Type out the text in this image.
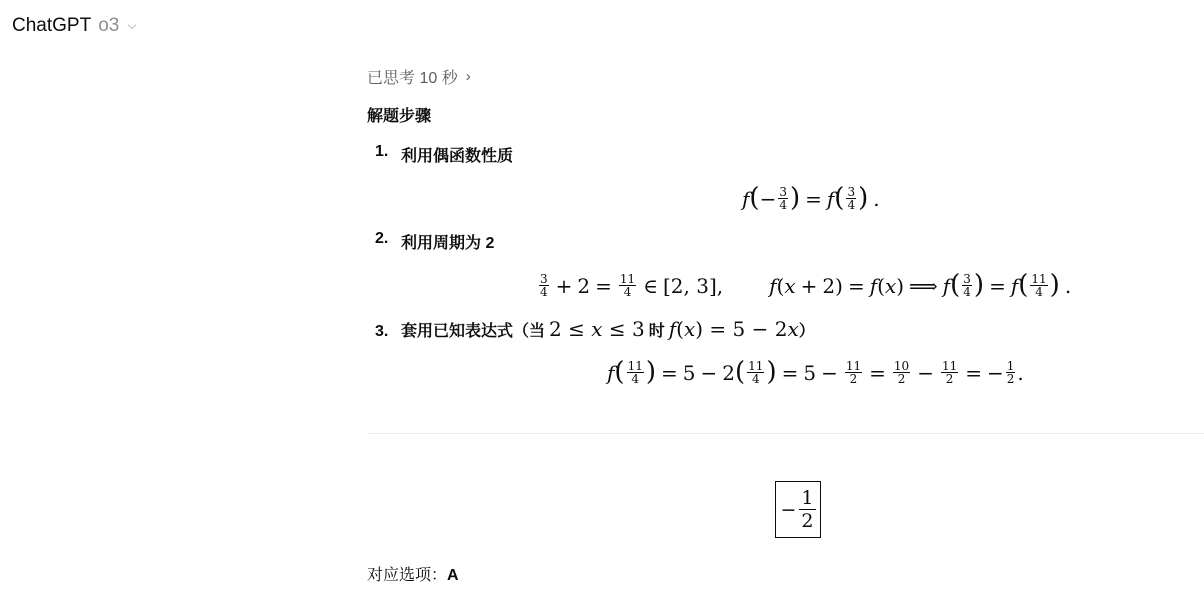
ChatGPT o3 ⌵
已思考 10 秒 ›
解题步骤
1. 利用偶函数性质
f ( − $\frac{3}{4}$ ) = f ( $\frac{3}{4}$ ) .
2. 利用周期为 2
$\frac{3}{4} + 2 = \frac{11}{4}$ ∈ [2, 3] , f ( x + 2 ) = f ( x ) ⟹ f ( $\frac{3}{4}$ ) = f ( $\frac{11}{4}$ ) .
3. 套用已知表达式（当 2 ≤ x ≤ 3 时 f(x) = 5 − 2x ）
f ( $\frac{11}{4}$ ) = 5 − 2 ( $\frac{11}{4}$ ) = $5 - \frac{11}{2} = \frac{10}{2} - \frac{11}{2}$ = − $\frac{1}{2}$ .
− $\frac{1}{2}$
对应选项：A
